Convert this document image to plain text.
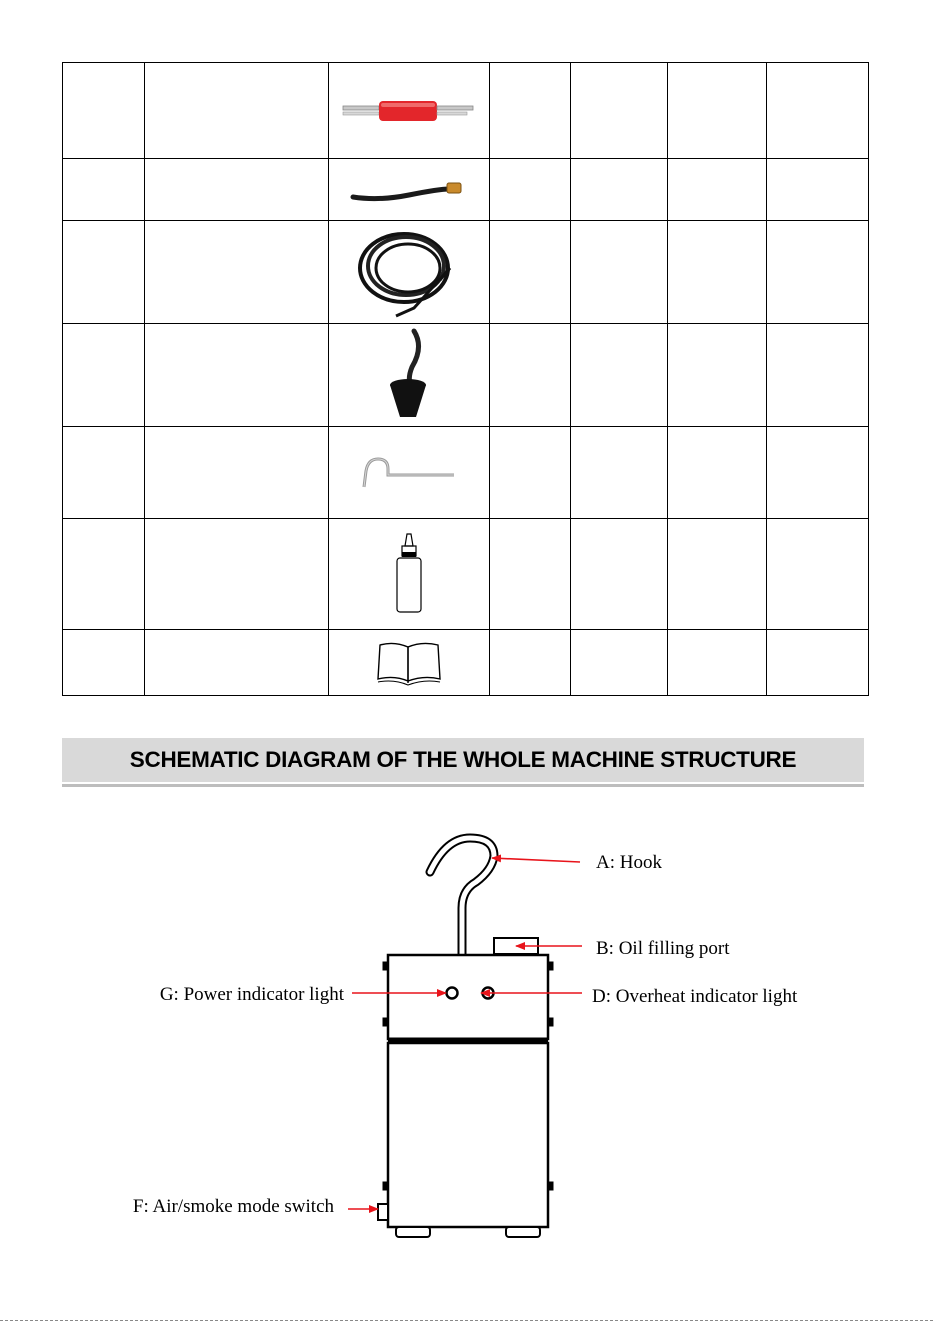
SCHEMATIC DIAGRAM OF THE WHOLE MACHINE STRUCTURE
A: Hook
B: Oil filling port
G: Power indicator light	D: Overheat indicator light
F: Air/smoke mode switch
